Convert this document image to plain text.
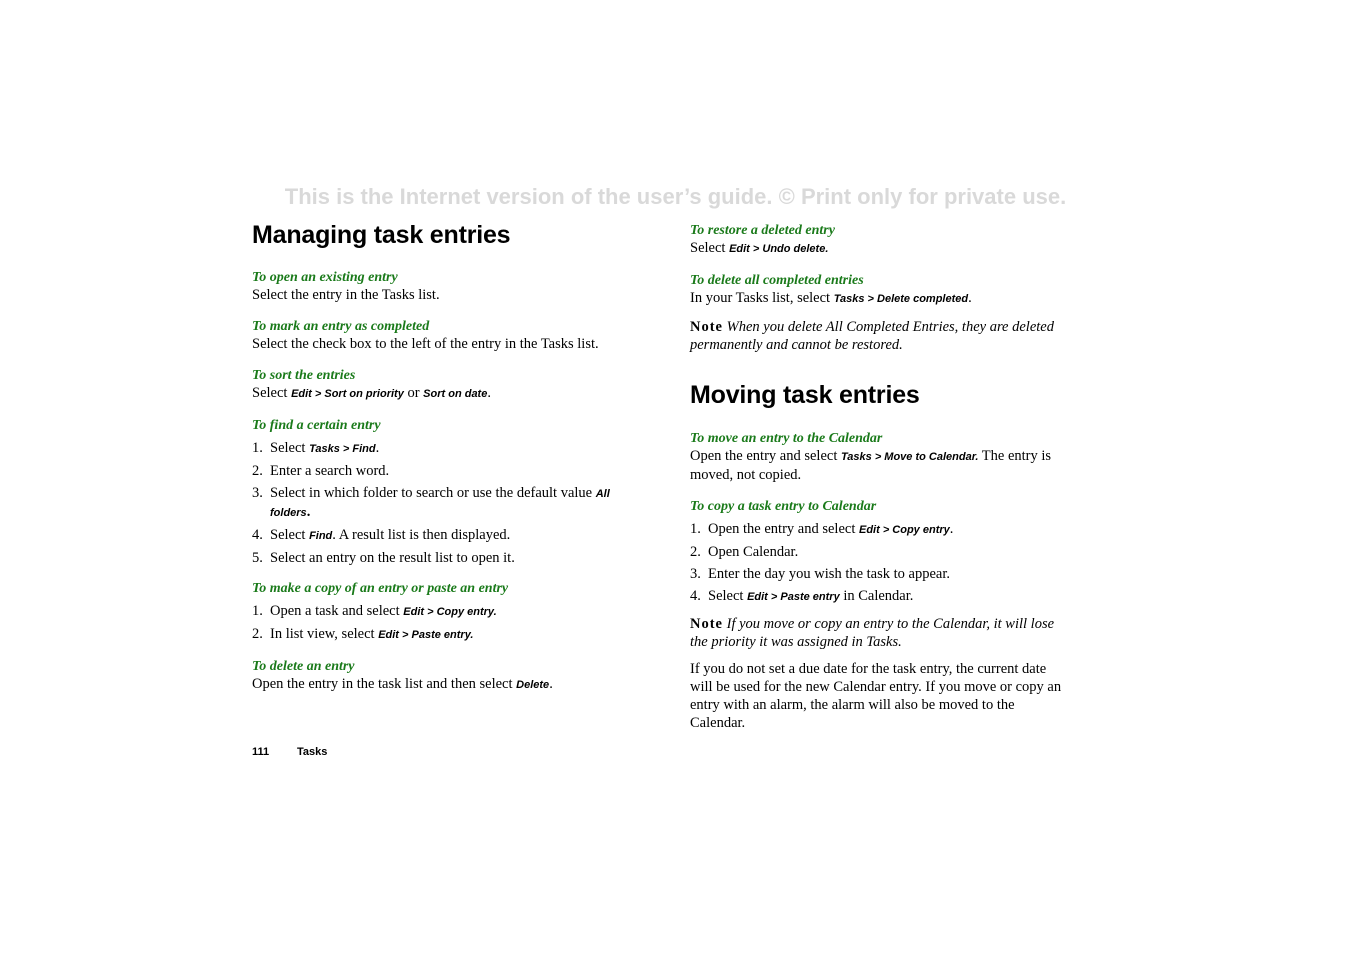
This is the Internet version of the user’s guide. © Print only for private use.
Managing task entries

To open an existing entry

Select the entry in the Tasks list.

To mark an entry as completed

Select the check box to the left of the entry in the Tasks list.

To sort the entries

Select Edit > Sort on priority or Sort on date.

To find a certain entry

1. Select Tasks > Find.
2. Enter a search word.
3. Select in which folder to search or use the default value All folders.
4. Select Find. A result list is then displayed.
5. Select an entry on the result list to open it.

To make a copy of an entry or paste an entry

1. Open a task and select Edit > Copy entry.
2. In list view, select Edit > Paste entry.

To delete an entry

Open the entry in the task list and then select Delete.

To restore a deleted entry

Select Edit > Undo delete.

To delete all completed entries

In your Tasks list, select Tasks > Delete completed.

Note When you delete All Completed Entries, they are deleted permanently and cannot be restored.

Moving task entries

To move an entry to the Calendar

Open the entry and select Tasks > Move to Calendar. The entry is moved, not copied.

To copy a task entry to Calendar

1. Open the entry and select Edit > Copy entry.
2. Open Calendar.
3. Enter the day you wish the task to appear.
4. Select Edit > Paste entry in Calendar.

Note If you move or copy an entry to the Calendar, it will lose the priority it was assigned in Tasks.

If you do not set a due date for the task entry, the current date will be used for the new Calendar entry. If you move or copy an entry with an alarm, the alarm will also be moved to the Calendar.

111	Tasks
